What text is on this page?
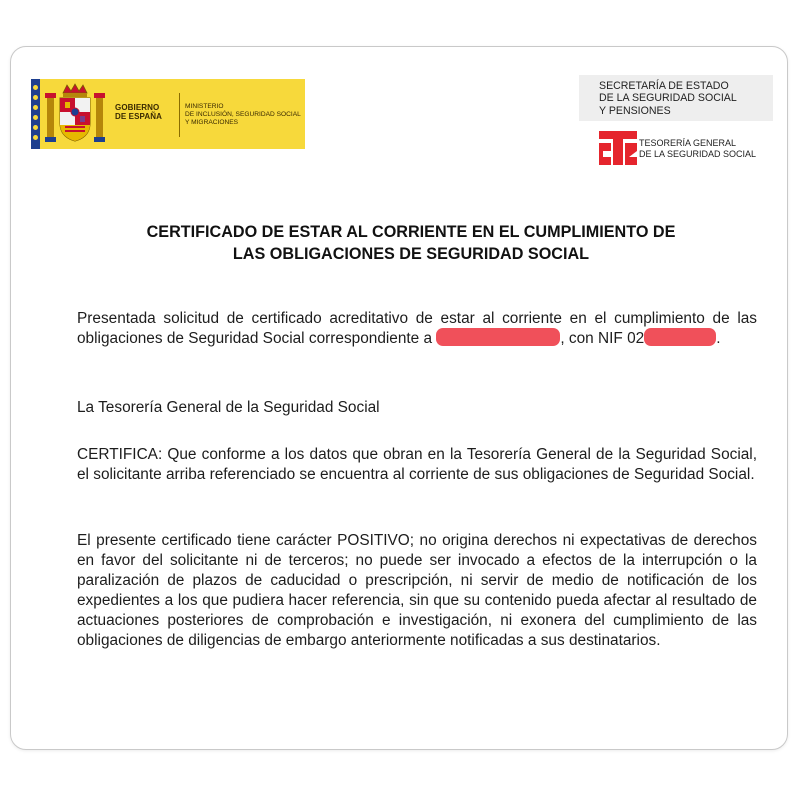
GOBIERNO
DE ESPAÑA
MINISTERIO
DE INCLUSIÓN, SEGURIDAD SOCIAL
Y MIGRACIONES
SECRETARÍA DE ESTADO
DE LA SEGURIDAD SOCIAL
Y PENSIONES
TESORERÍA GENERAL
DE LA SEGURIDAD SOCIAL
CERTIFICADO DE ESTAR AL CORRIENTE EN EL CUMPLIMIENTO DE
LAS OBLIGACIONES DE SEGURIDAD SOCIAL
Presentada solicitud de certificado acreditativo de estar al corriente en el cumplimiento de las obligaciones de Seguridad Social correspondiente a	, con NIF 02	.
La Tesorería General de la Seguridad Social
CERTIFICA: Que conforme a los datos que obran en la Tesorería General de la Seguridad Social, el solicitante arriba referenciado se encuentra al corriente de sus obligaciones de Seguridad Social.
El presente certificado tiene carácter POSITIVO; no origina derechos ni expectativas de derechos en favor del solicitante ni de terceros; no puede ser invocado a efectos de la interrupción o la paralización de plazos de caducidad o prescripción, ni servir de medio de notificación de los expedientes a los que pudiera hacer referencia, sin que su contenido pueda afectar al resultado de actuaciones posteriores de comprobación e investigación, ni exonera del cumplimiento de las obligaciones de diligencias de embargo anteriormente notificadas a sus destinatarios.
